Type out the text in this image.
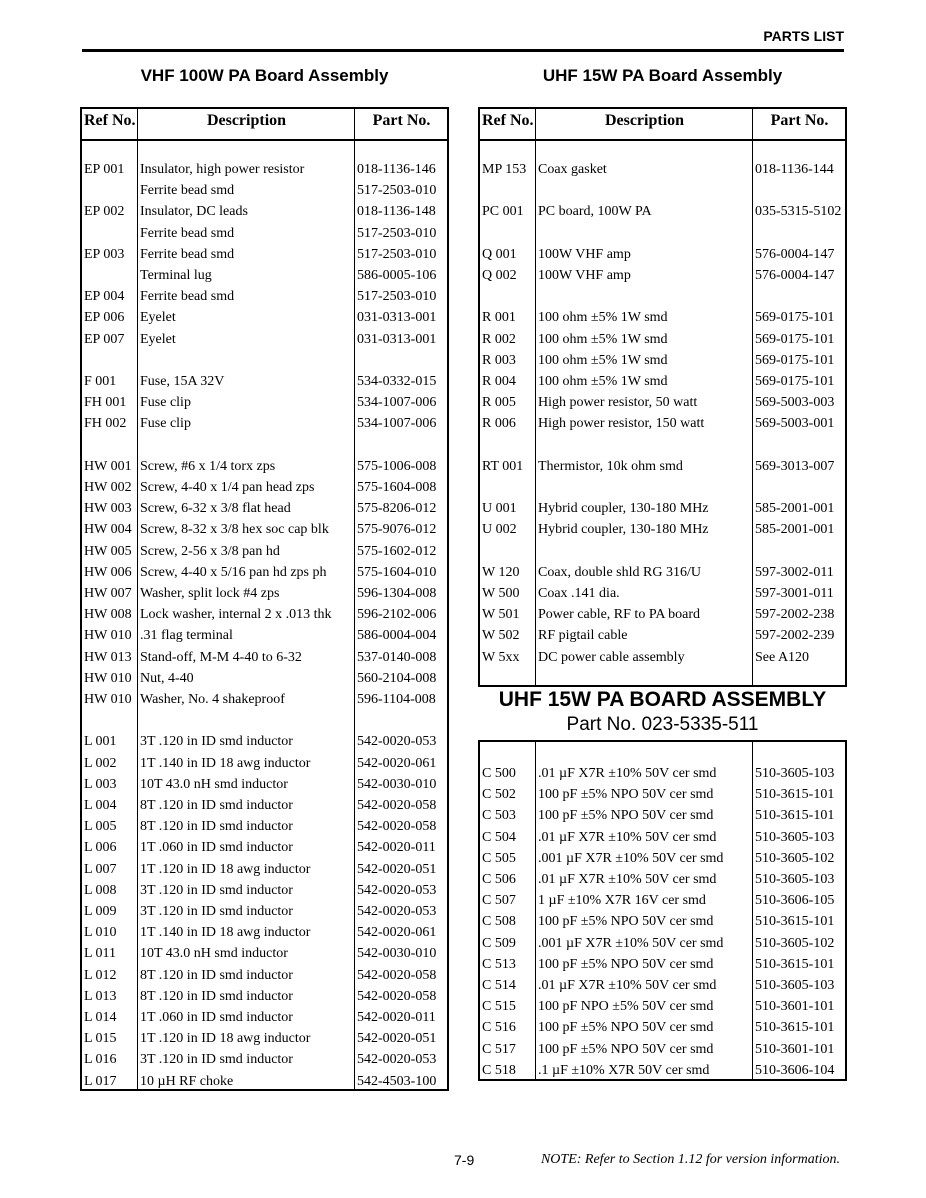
PARTS LIST
VHF 100W PA Board Assembly	UHF 15W PA Board Assembly
Ref No.	Description	Part No.
EP 001 Insulator, high power resistor	018-1136-146
Ferrite bead smd	517-2503-010
EP 002 Insulator, DC leads	018-1136-148
Ferrite bead smd	517-2503-010
EP 003 Ferrite bead smd	517-2503-010
Terminal lug	586-0005-106
EP 004 Ferrite bead smd	517-2503-010
EP 006 Eyelet	031-0313-001
EP 007 Eyelet	031-0313-001
F 001 Fuse, 15A 32V	534-0332-015
FH 001 Fuse clip	534-1007-006
FH 002 Fuse clip	534-1007-006
HW 001 Screw, #6 x 1/4 torx zps	575-1006-008
HW 002 Screw, 4-40 x 1/4 pan head zps	575-1604-008
HW 003 Screw, 6-32 x 3/8 flat head	575-8206-012
HW 004 Screw, 8-32 x 3/8 hex soc cap blk 575-9076-012
HW 005 Screw, 2-56 x 3/8 pan hd	575-1602-012
HW 006 Screw, 4-40 x 5/16 pan hd zps ph 575-1604-010
HW 007 Washer, split lock #4 zps	596-1304-008
HW 008 Lock washer, internal 2 x .013 thk 596-2102-006
HW 010 .31 flag terminal	586-0004-004
HW 013 Stand-off, M-M 4-40 to 6-32	537-0140-008
HW 010 Nut, 4-40	560-2104-008
HW 010 Washer, No. 4 shakeproof	596-1104-008
L 001 3T .120 in ID smd inductor	542-0020-053
L 002 1T .140 in ID 18 awg inductor	542-0020-061
L 003 10T 43.0 nH smd inductor	542-0030-010
L 004 8T .120 in ID smd inductor	542-0020-058
L 005 8T .120 in ID smd inductor	542-0020-058
L 006 1T .060 in ID smd inductor	542-0020-011
L 007 1T .120 in ID 18 awg inductor	542-0020-051
L 008 3T .120 in ID smd inductor	542-0020-053
L 009 3T .120 in ID smd inductor	542-0020-053
L 010 1T .140 in ID 18 awg inductor	542-0020-061
L 011 10T 43.0 nH smd inductor	542-0030-010
L 012 8T .120 in ID smd inductor	542-0020-058
L 013 8T .120 in ID smd inductor	542-0020-058
L 014 1T .060 in ID smd inductor	542-0020-011
L 015 1T .120 in ID 18 awg inductor	542-0020-051
L 016 3T .120 in ID smd inductor	542-0020-053
L 017 10 µH RF choke	542-4503-100
Ref No.	Description	Part No.
MP 153 Coax gasket	018-1136-144
PC 001 PC board, 100W PA	035-5315-5102
Q 001 100W VHF amp	576-0004-147
Q 002 100W VHF amp	576-0004-147
R 001 100 ohm ±5% 1W smd	569-0175-101
R 002 100 ohm ±5% 1W smd	569-0175-101
R 003 100 ohm ±5% 1W smd	569-0175-101
R 004 100 ohm ±5% 1W smd	569-0175-101
R 005 High power resistor, 50 watt	569-5003-003
R 006 High power resistor, 150 watt	569-5003-001
RT 001 Thermistor, 10k ohm smd	569-3013-007
U 001 Hybrid coupler, 130-180 MHz	585-2001-001
U 002 Hybrid coupler, 130-180 MHz	585-2001-001
W 120 Coax, double shld RG 316/U	597-3002-011
W 500 Coax .141 dia.	597-3001-011
W 501 Power cable, RF to PA board	597-2002-238
W 502 RF pigtail cable	597-2002-239
W 5xx DC power cable assembly	See A120
UHF 15W PA BOARD ASSEMBLY
Part No. 023-5335-511
C 500 .01 µF X7R ±10% 50V cer smd	510-3605-103
C 502 100 pF ±5% NPO 50V cer smd	510-3615-101
C 503 100 pF ±5% NPO 50V cer smd	510-3615-101
C 504 .01 µF X7R ±10% 50V cer smd	510-3605-103
C 505 .001 µF X7R ±10% 50V cer smd 510-3605-102
C 506 .01 µF X7R ±10% 50V cer smd	510-3605-103
C 507 1 µF ±10% X7R 16V cer smd	510-3606-105
C 508 100 pF ±5% NPO 50V cer smd	510-3615-101
C 509 .001 µF X7R ±10% 50V cer smd 510-3605-102
C 513 100 pF ±5% NPO 50V cer smd	510-3615-101
C 514 .01 µF X7R ±10% 50V cer smd	510-3605-103
C 515 100 pF NPO ±5% 50V cer smd	510-3601-101
C 516 100 pF ±5% NPO 50V cer smd	510-3615-101
C 517 100 pF ±5% NPO 50V cer smd	510-3601-101
C 518 .1 µF ±10% X7R 50V cer smd	510-3606-104
7-9	NOTE: Refer to Section 1.12 for version information.
